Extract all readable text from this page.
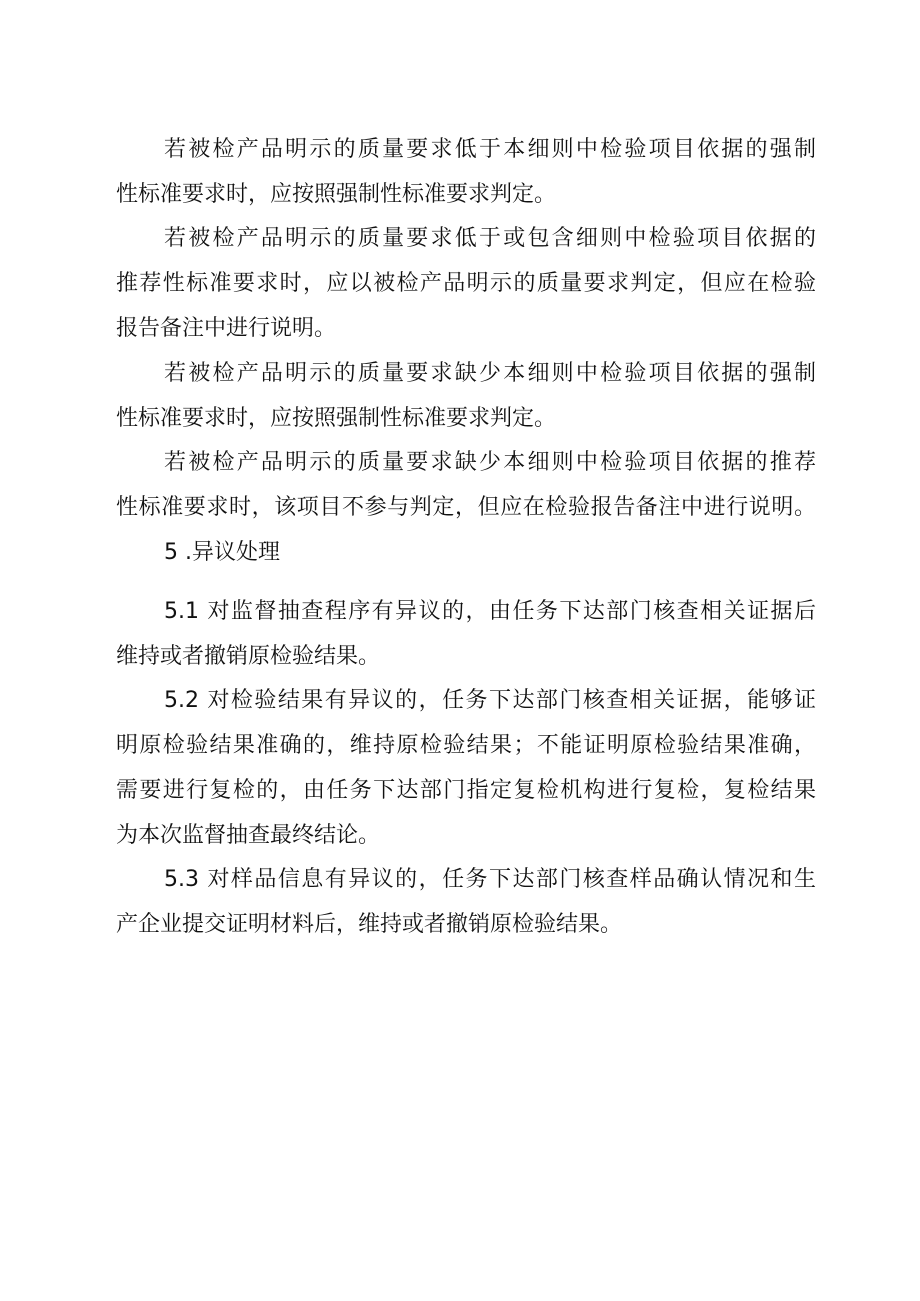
若被检产品明示的质量要求低于本细则中检验项目依据的强制
性标准要求时，应按照强制性标准要求判定。
若被检产品明示的质量要求低于或包含细则中检验项目依据的
推荐性标准要求时，应以被检产品明示的质量要求判定，但应在检验
报告备注中进行说明。
若被检产品明示的质量要求缺少本细则中检验项目依据的强制
性标准要求时，应按照强制性标准要求判定。
若被检产品明示的质量要求缺少本细则中检验项目依据的推荐
性标准要求时，该项目不参与判定，但应在检验报告备注中进行说明。
5 .异议处理
5.1 对监督抽查程序有异议的，由任务下达部门核查相关证据后
维持或者撤销原检验结果。
5.2 对检验结果有异议的，任务下达部门核查相关证据，能够证
明原检验结果准确的，维持原检验结果；不能证明原检验结果准确，
需要进行复检的，由任务下达部门指定复检机构进行复检，复检结果
为本次监督抽查最终结论。
5.3 对样品信息有异议的，任务下达部门核查样品确认情况和生
产企业提交证明材料后，维持或者撤销原检验结果。
